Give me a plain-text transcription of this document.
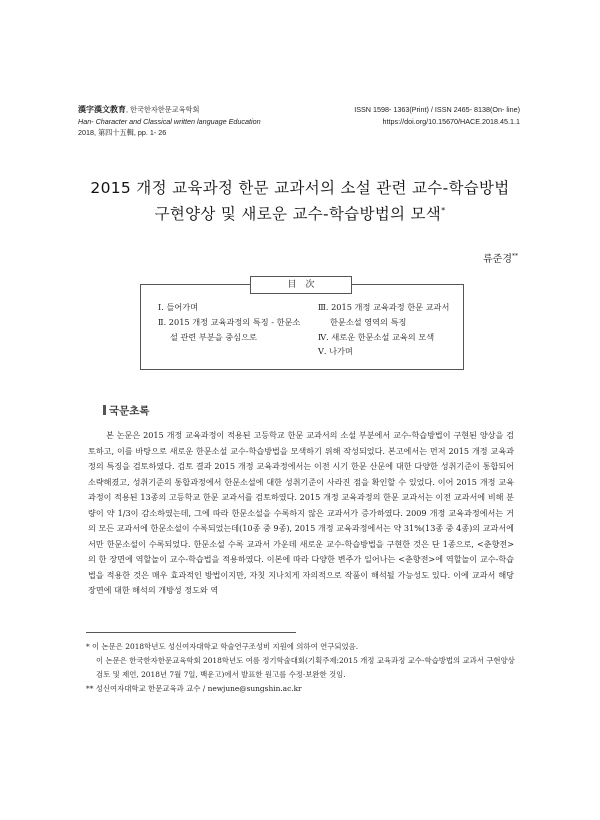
漢字漢文教育, 한국한자한문교육학회
Han- Character and Classical written language Education
2018, 第四十五輯, pp. 1- 26
ISSN 1598- 1363(Print) / ISSN 2465- 8138(On- line)
https://doi.org/10.15670/HACE.2018.45.1.1
2015 개정 교육과정 한문 교과서의 소설 관련 교수-학습방법
구현양상 및 새로운 교수-학습방법의 모색*
류준경**
目　次
Ⅰ. 들어가며
Ⅱ. 2015 개정 교육과정의 특징 - 한문소설 관련 부분을 중심으로
Ⅲ. 2015 개정 교육과정 한문 교과서 한문소설 영역의 특징
Ⅳ. 새로운 한문소설 교육의 모색
Ⅴ. 나가며
국문초록

본 논문은 2015 개정 교육과정이 적용된 고등학교 한문 교과서의 소설 부분에서 교수-학습방법이 구현된 양상을 검토하고, 이를 바탕으로 새로운 한문소설 교수-학습방법을 모색하기 위해 작성되었다. 본고에서는 먼저 2015 개정 교육과정의 특징을 검토하였다. 검토 결과 2015 개정 교육과정에서는 이전 시기 한문 산문에 대한 다양한 성취기준이 통합되어 소략해졌고, 성취기준의 통합과정에서 한문소설에 대한 성취기준이 사라진 점을 확인할 수 있었다. 이어 2015 개정 교육과정이 적용된 13종의 고등학교 한문 교과서를 검토하였다. 2015 개정 교육과정의 한문 교과서는 이전 교과서에 비해 분량이 약 1/3이 감소하였는데, 그에 따라 한문소설을 수록하지 않은 교과서가 증가하였다. 2009 개정 교육과정에서는 거의 모든 교과서에 한문소설이 수록되었는데(10종 중 9종), 2015 개정 교육과정에서는 약 31%(13종 중 4종)의 교과서에서만 한문소설이 수록되었다. 한문소설 수록 교과서 가운데 새로운 교수-학습방법을 구현한 것은 단 1종으로, <춘향전>의 한 장면에 역할놀이 교수-학습법을 적용하였다. 이본에 따라 다양한 변주가 일어나는 <춘향전>에 역할놀이 교수-학습법을 적용한 것은 매우 효과적인 방법이지만, 자칫 지나치게 자의적으로 작품이 해석될 가능성도 있다. 이에 교과서 해당 장면에 대한 해석의 개방성 정도와 역

* 이 논문은 2018학년도 성신여자대학교 학술연구조성비 지원에 의하여 연구되었음.
이 논문은 한국한자한문교육학회 2018학년도 여름 정기학술대회(기획주제:2015 개정 교육과정 교수-학습방법의 교과서 구현양상 검토 및 제언, 2018년 7월 7일, 백운고)에서 발표한 원고를 수정·보완한 것임.
** 성신여자대학교 한문교육과 교수 / newjune@sungshin.ac.kr
